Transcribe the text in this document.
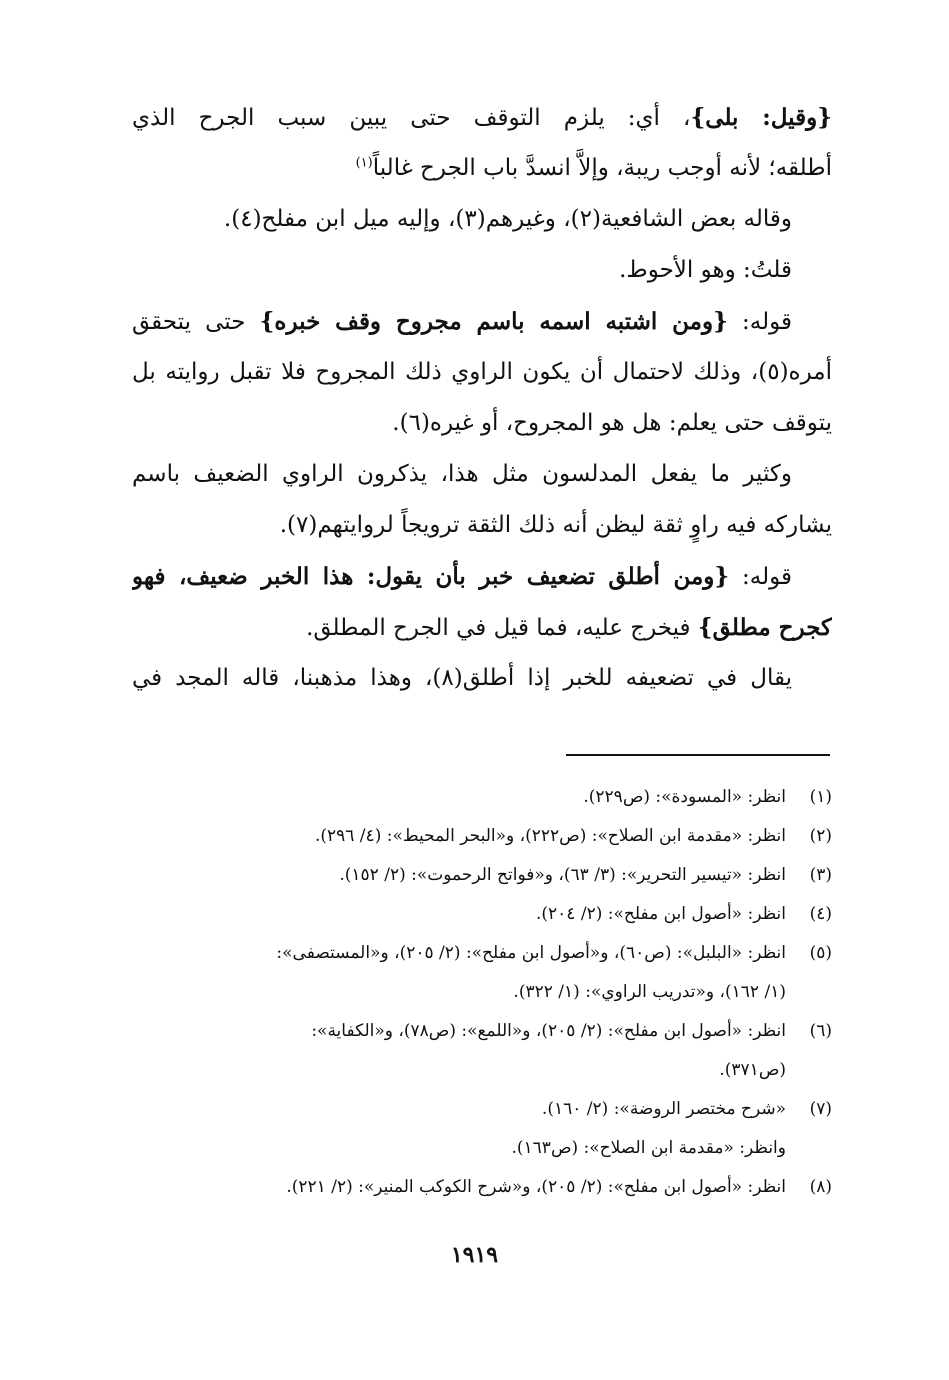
{وقيل: بلى}، أي: يلزم التوقف حتى يبين سبب الجرح الذي
أطلقه؛ لأنه أوجب ريبة، وإلاَّ انسدَّ باب الجرح غالباً$^{(١)}$
وقاله بعض الشافعية(٢)، وغيرهم(٣)، وإليه ميل ابن مفلح(٤).
قلتُ: وهو الأحوط.
قوله: {ومن اشتبه اسمه باسم مجروح وقف خبره} حتى يتحقق
أمره(٥)، وذلك لاحتمال أن يكون الراوي ذلك المجروح فلا تقبل روايته بل
يتوقف حتى يعلم: هل هو المجروح، أو غيره(٦).
وكثير ما يفعل المدلسون مثل هذا، يذكرون الراوي الضعيف باسم
يشاركه فيه راوٍ ثقة ليظن أنه ذلك الثقة ترويجاً لروايتهم(٧).
قوله: {ومن أطلق تضعيف خبر بأن يقول: هذا الخبر ضعيف، فهو
كجرح مطلق} فيخرج عليه، فما قيل في الجرح المطلق.
يقال في تضعيفه للخبر إذا أطلق(٨)، وهذا مذهبنا، قاله المجد في
(١)
انظر: «المسودة»: (ص٢٢٩).
(٢)
انظر: «مقدمة ابن الصلاح»: (ص٢٢٢)، و«البحر المحيط»: (٤/ ٢٩٦).
(٣)
انظر: «تيسير التحرير»: (٣/ ٦٣)، و«فواتح الرحموت»: (٢/ ١٥٢).
(٤)
انظر: «أصول ابن مفلح»: (٢/ ٢٠٤).
(٥)
انظر: «البلبل»: (ص٦٠)، و«أصول ابن مفلح»: (٢/ ٢٠٥)، و«المستصفى»:
(١/ ١٦٢)، و«تدريب الراوي»: (١/ ٣٢٢).
(٦)
انظر: «أصول ابن مفلح»: (٢/ ٢٠٥)، و«اللمع»: (ص٧٨)، و«الكفاية»:
(ص٣٧١).
(٧)
«شرح مختصر الروضة»: (٢/ ١٦٠).
وانظر: «مقدمة ابن الصلاح»: (ص١٦٣).
(٨)
انظر: «أصول ابن مفلح»: (٢/ ٢٠٥)، و«شرح الكوكب المنير»: (٢/ ٢٢١).
١٩١٩
